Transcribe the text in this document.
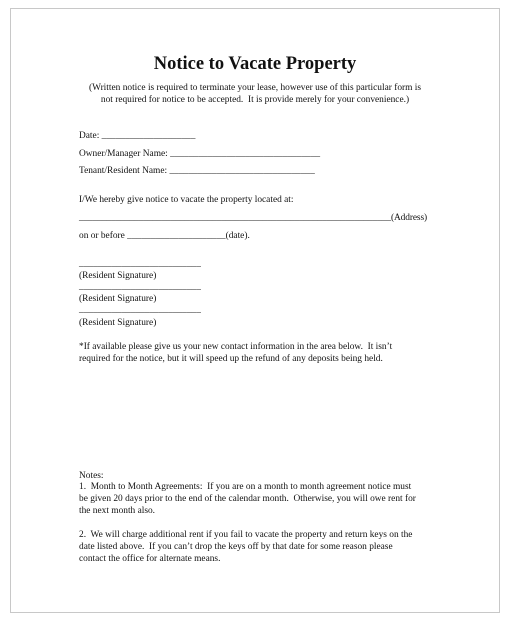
Notice to Vacate Property
(Written notice is required to terminate your lease, however use of this particular form is
not required for notice to be accepted.  It is provide merely for your convenience.)
Date: ____________________
Owner/Manager Name: ________________________________
Tenant/Resident Name: _______________________________
I/We hereby give notice to vacate the property located at:
____________________________________________________________________(Address)
on or before _____________________(date).
__________________________
(Resident Signature)
__________________________
(Resident Signature)
__________________________
(Resident Signature)
*If available please give us your new contact information in the area below.  It isn’t
required for the notice, but it will speed up the refund of any deposits being held.
Notes:
1.  Month to Month Agreements:  If you are on a month to month agreement notice must
be given 20 days prior to the end of the calendar month.  Otherwise, you will owe rent for
the next month also.
2.  We will charge additional rent if you fail to vacate the property and return keys on the
date listed above.  If you can’t drop the keys off by that date for some reason please
contact the office for alternate means.
